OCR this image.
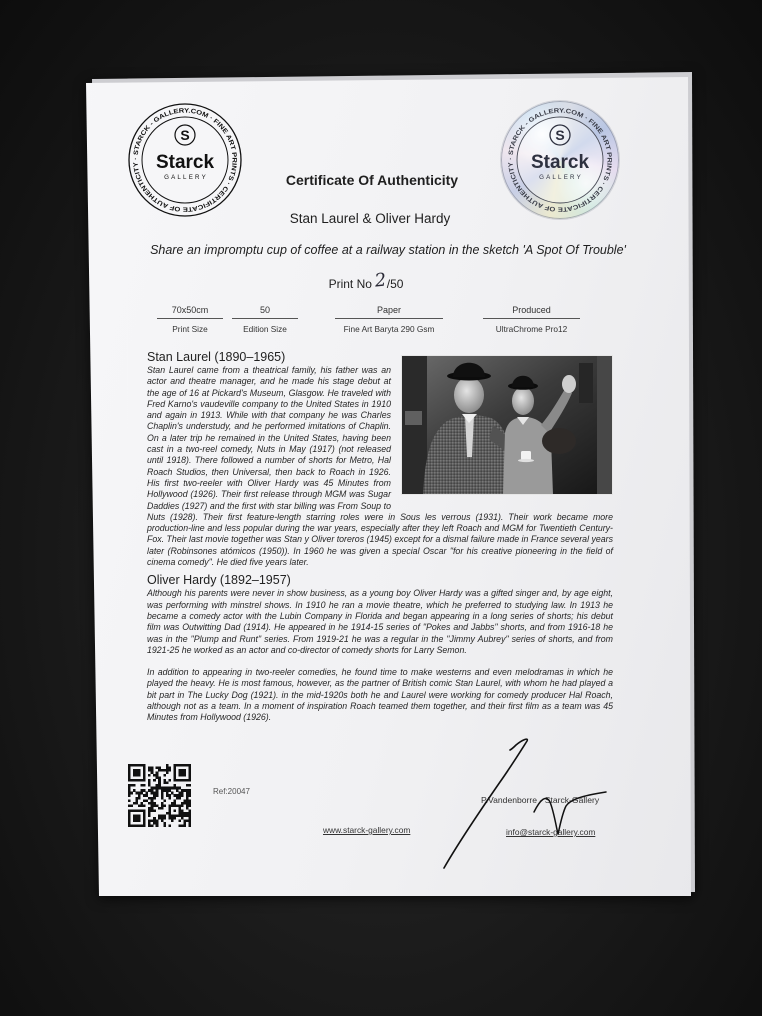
· STARCK - GALLERY.COM · FINE ART PRINTS · CERTIFICATE OF AUTHENTICITY
S
Starck
GALLERY
· STARCK - GALLERY.COM · FINE ART PRINTS · CERTIFICATE OF AUTHENTICITY
S
Starck
GALLERY
Certificate Of Authenticity
Stan Laurel & Oliver Hardy
Share an impromptu cup of coffee at a railway station in the sketch 'A Spot Of Trouble'
Print No 2/50
70x50cm
Print Size
50
Edition Size
Paper
Fine Art Baryta 290 Gsm
Produced
UltraChrome Pro12
Stan Laurel (1890–1965)

Stan Laurel came from a theatrical family, his father was an actor and theatre manager, and he made his stage debut at the age of 16 at Pickard's Museum, Glasgow. He traveled with Fred Karno's vaudeville company to the United States in 1910 and again in 1913. While with that company he was Charles Chaplin's understudy, and he performed imitations of Chaplin. On a later trip he remained in the United States, having been cast in a two-reel comedy, Nuts in May (1917) (not released until 1918). There followed a number of shorts for Metro, Hal Roach Studios, then Universal, then back to Roach in 1926. His first two-reeler with Oliver Hardy was 45 Minutes from Hollywood (1926). Their first release through MGM was Sugar Daddies (1927) and the first with star billing was From Soup to Nuts (1928). Their first feature-length starring roles were in Sous les verrous (1931). Their work became more production-line and less popular during the war years, especially after they left Roach and MGM for Twentieth Century-Fox. Their last movie together was Stan y Oliver toreros (1945) except for a dismal failure made in France several years later (Robinsones atómicos (1950)). In 1960 he was given a special Oscar "for his creative pioneering in the field of cinema comedy". He died five years later.

Oliver Hardy (1892–1957)

Although his parents were never in show business, as a young boy Oliver Hardy was a gifted singer and, by age eight, was performing with minstrel shows. In 1910 he ran a movie theatre, which he preferred to studying law. In 1913 he became a comedy actor with the Lubin Company in Florida and began appearing in a long series of shorts; his debut film was Outwitting Dad (1914). He appeared in he 1914-15 series of "Pokes and Jabbs" shorts, and from 1916-18 he was in the "Plump and Runt" series. From 1919-21 he was a regular in the "Jimmy Aubrey" series of shorts, and from 1921-25 he worked as an actor and co-director of comedy shorts for Larry Semon.

In addition to appearing in two-reeler comedies, he found time to make westerns and even melodramas in which he played the heavy. He is most famous, however, as the partner of British comic Stan Laurel, with whom he had played a bit part in The Lucky Dog (1921). in the mid-1920s both he and Laurel were working for comedy producer Hal Roach, although not as a team. In a moment of inspiration Roach teamed them together, and their first film as a team was 45 Minutes from Hollywood (1926).

Ref:20047
P.Vandenborre - Starck-Gallery
www.starck-gallery.com	info@starck-gallery.com
